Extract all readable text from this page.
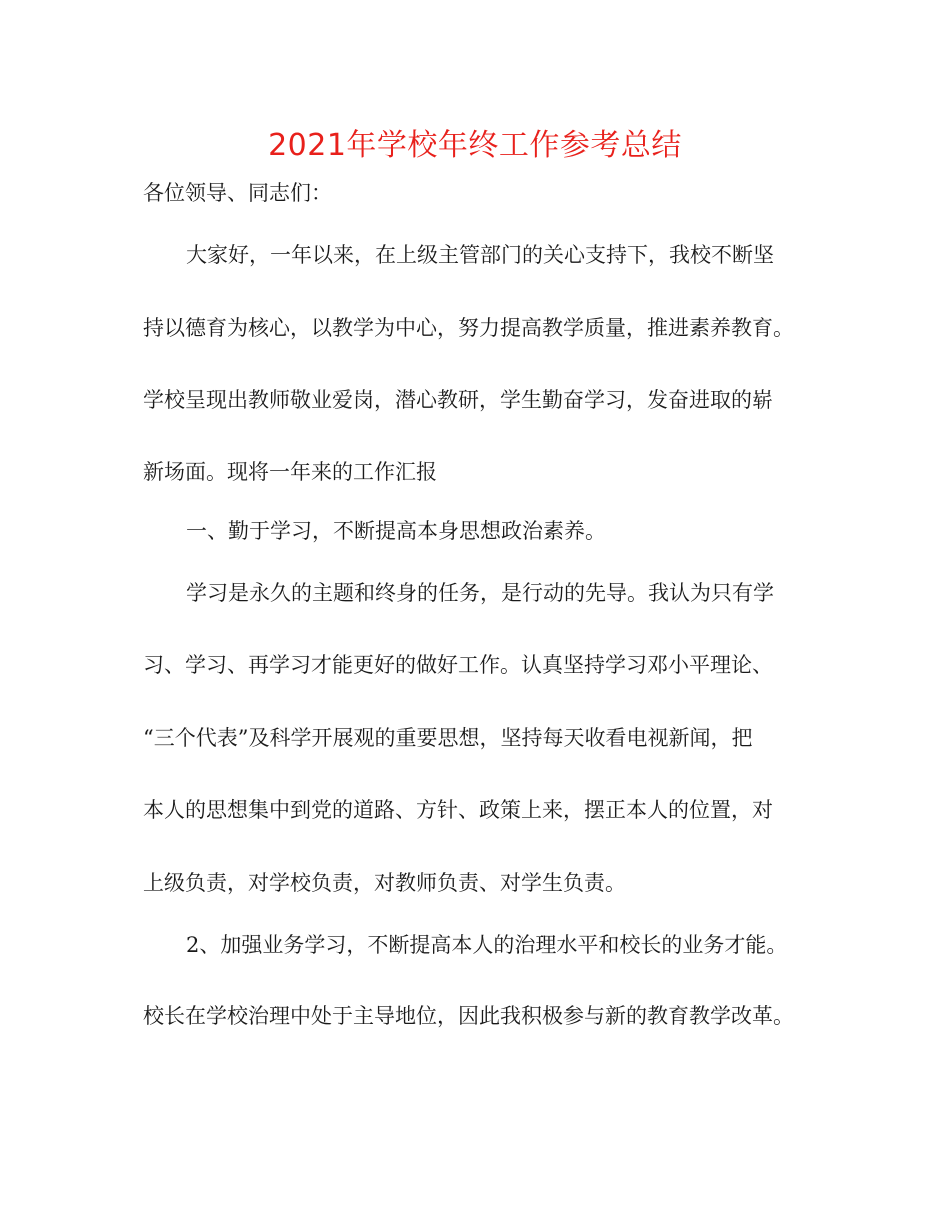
2021年学校年终工作参考总结
各位领导、同志们：
大家好，一年以来，在上级主管部门的关心支持下，我校不断坚
持以德育为核心，以教学为中心，努力提高教学质量，推进素养教育。
学校呈现出教师敬业爱岗，潜心教研，学生勤奋学习，发奋进取的崭
新场面。现将一年来的工作汇报
一、勤于学习，不断提高本身思想政治素养。
学习是永久的主题和终身的任务，是行动的先导。我认为只有学
习、学习、再学习才能更好的做好工作。认真坚持学习邓小平理论、
“三个代表”及科学开展观的重要思想，坚持每天收看电视新闻，把
本人的思想集中到党的道路、方针、政策上来，摆正本人的位置，对
上级负责，对学校负责，对教师负责、对学生负责。
2、加强业务学习，不断提高本人的治理水平和校长的业务才能。
校长在学校治理中处于主导地位，因此我积极参与新的教育教学改革。
